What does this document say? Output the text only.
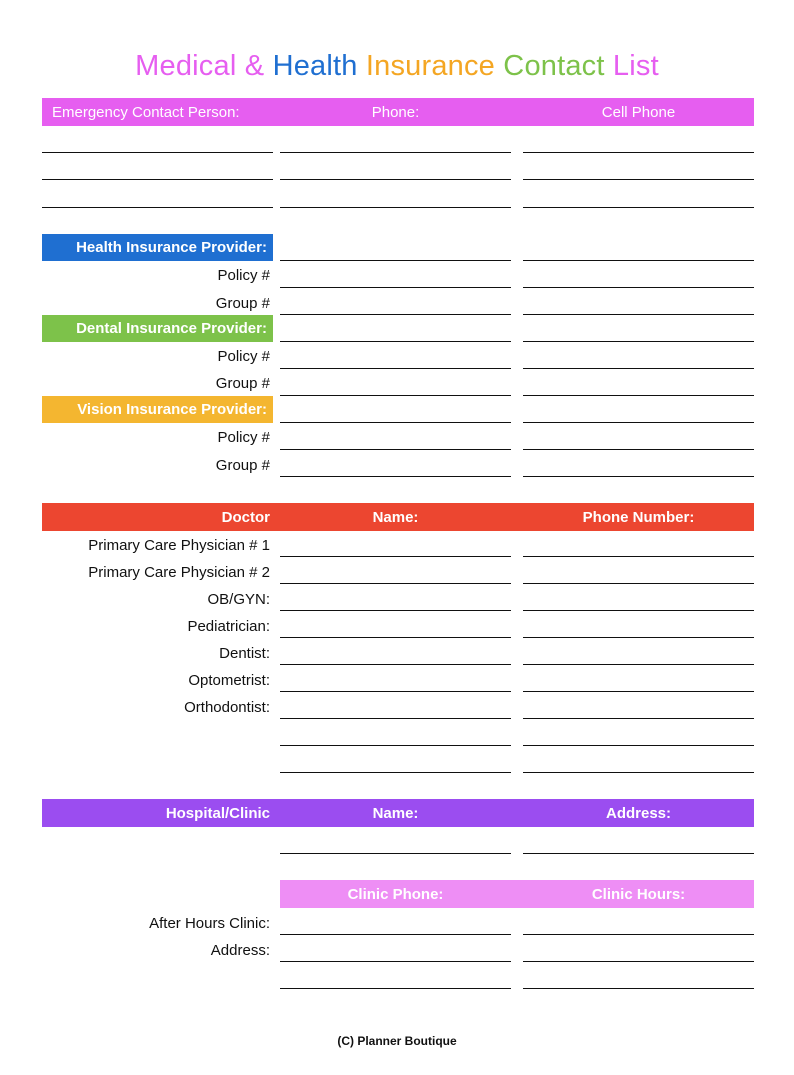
Medical & Health Insurance Contact List
Emergency Contact Person:	Phone:	Cell Phone
Health Insurance Provider:
Policy #
Group #
Dental Insurance Provider:
Policy #
Group #
Vision Insurance Provider:
Policy #
Group #
Doctor	Name:	Phone Number:
Primary Care Physician # 1
Primary Care Physician # 2
OB/GYN:
Pediatrician:
Dentist:
Optometrist:
Orthodontist:
Hospital/Clinic	Name:	Address:
Clinic Phone:	Clinic Hours:
After Hours Clinic:
Address:
(C) Planner Boutique
